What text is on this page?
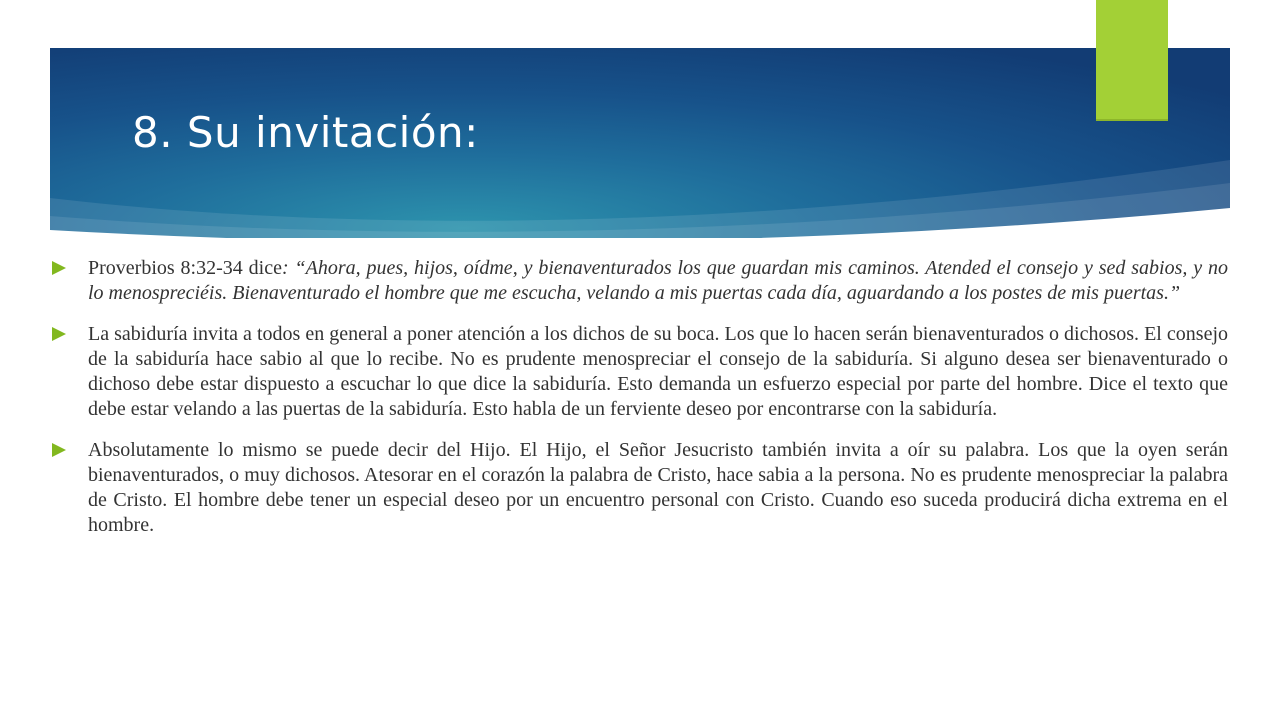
8. Su invitación:
Proverbios 8:32-34 dice: “Ahora, pues, hijos, oídme, y bienaventurados los que guardan mis caminos. Atended el consejo y sed sabios, y no lo menospreciéis. Bienaventurado el hombre que me escucha, velando a mis puertas cada día, aguardando a los postes de mis puertas.”
La sabiduría invita a todos en general a poner atención a los dichos de su boca. Los que lo hacen serán bienaventurados o dichosos. El consejo de la sabiduría hace sabio al que lo recibe. No es prudente menospreciar el consejo de la sabiduría. Si alguno desea ser bienaventurado o dichoso debe estar dispuesto a escuchar lo que dice la sabiduría. Esto demanda un esfuerzo especial por parte del hombre. Dice el texto que debe estar velando a las puertas de la sabiduría. Esto habla de un ferviente deseo por encontrarse con la sabiduría.
Absolutamente lo mismo se puede decir del Hijo. El Hijo, el Señor Jesucristo también invita a oír su palabra. Los que la oyen serán bienaventurados, o muy dichosos. Atesorar en el corazón la palabra de Cristo, hace sabia a la persona. No es prudente menospreciar la palabra de Cristo. El hombre debe tener un especial deseo por un encuentro personal con Cristo. Cuando eso suceda producirá dicha extrema en el hombre.
